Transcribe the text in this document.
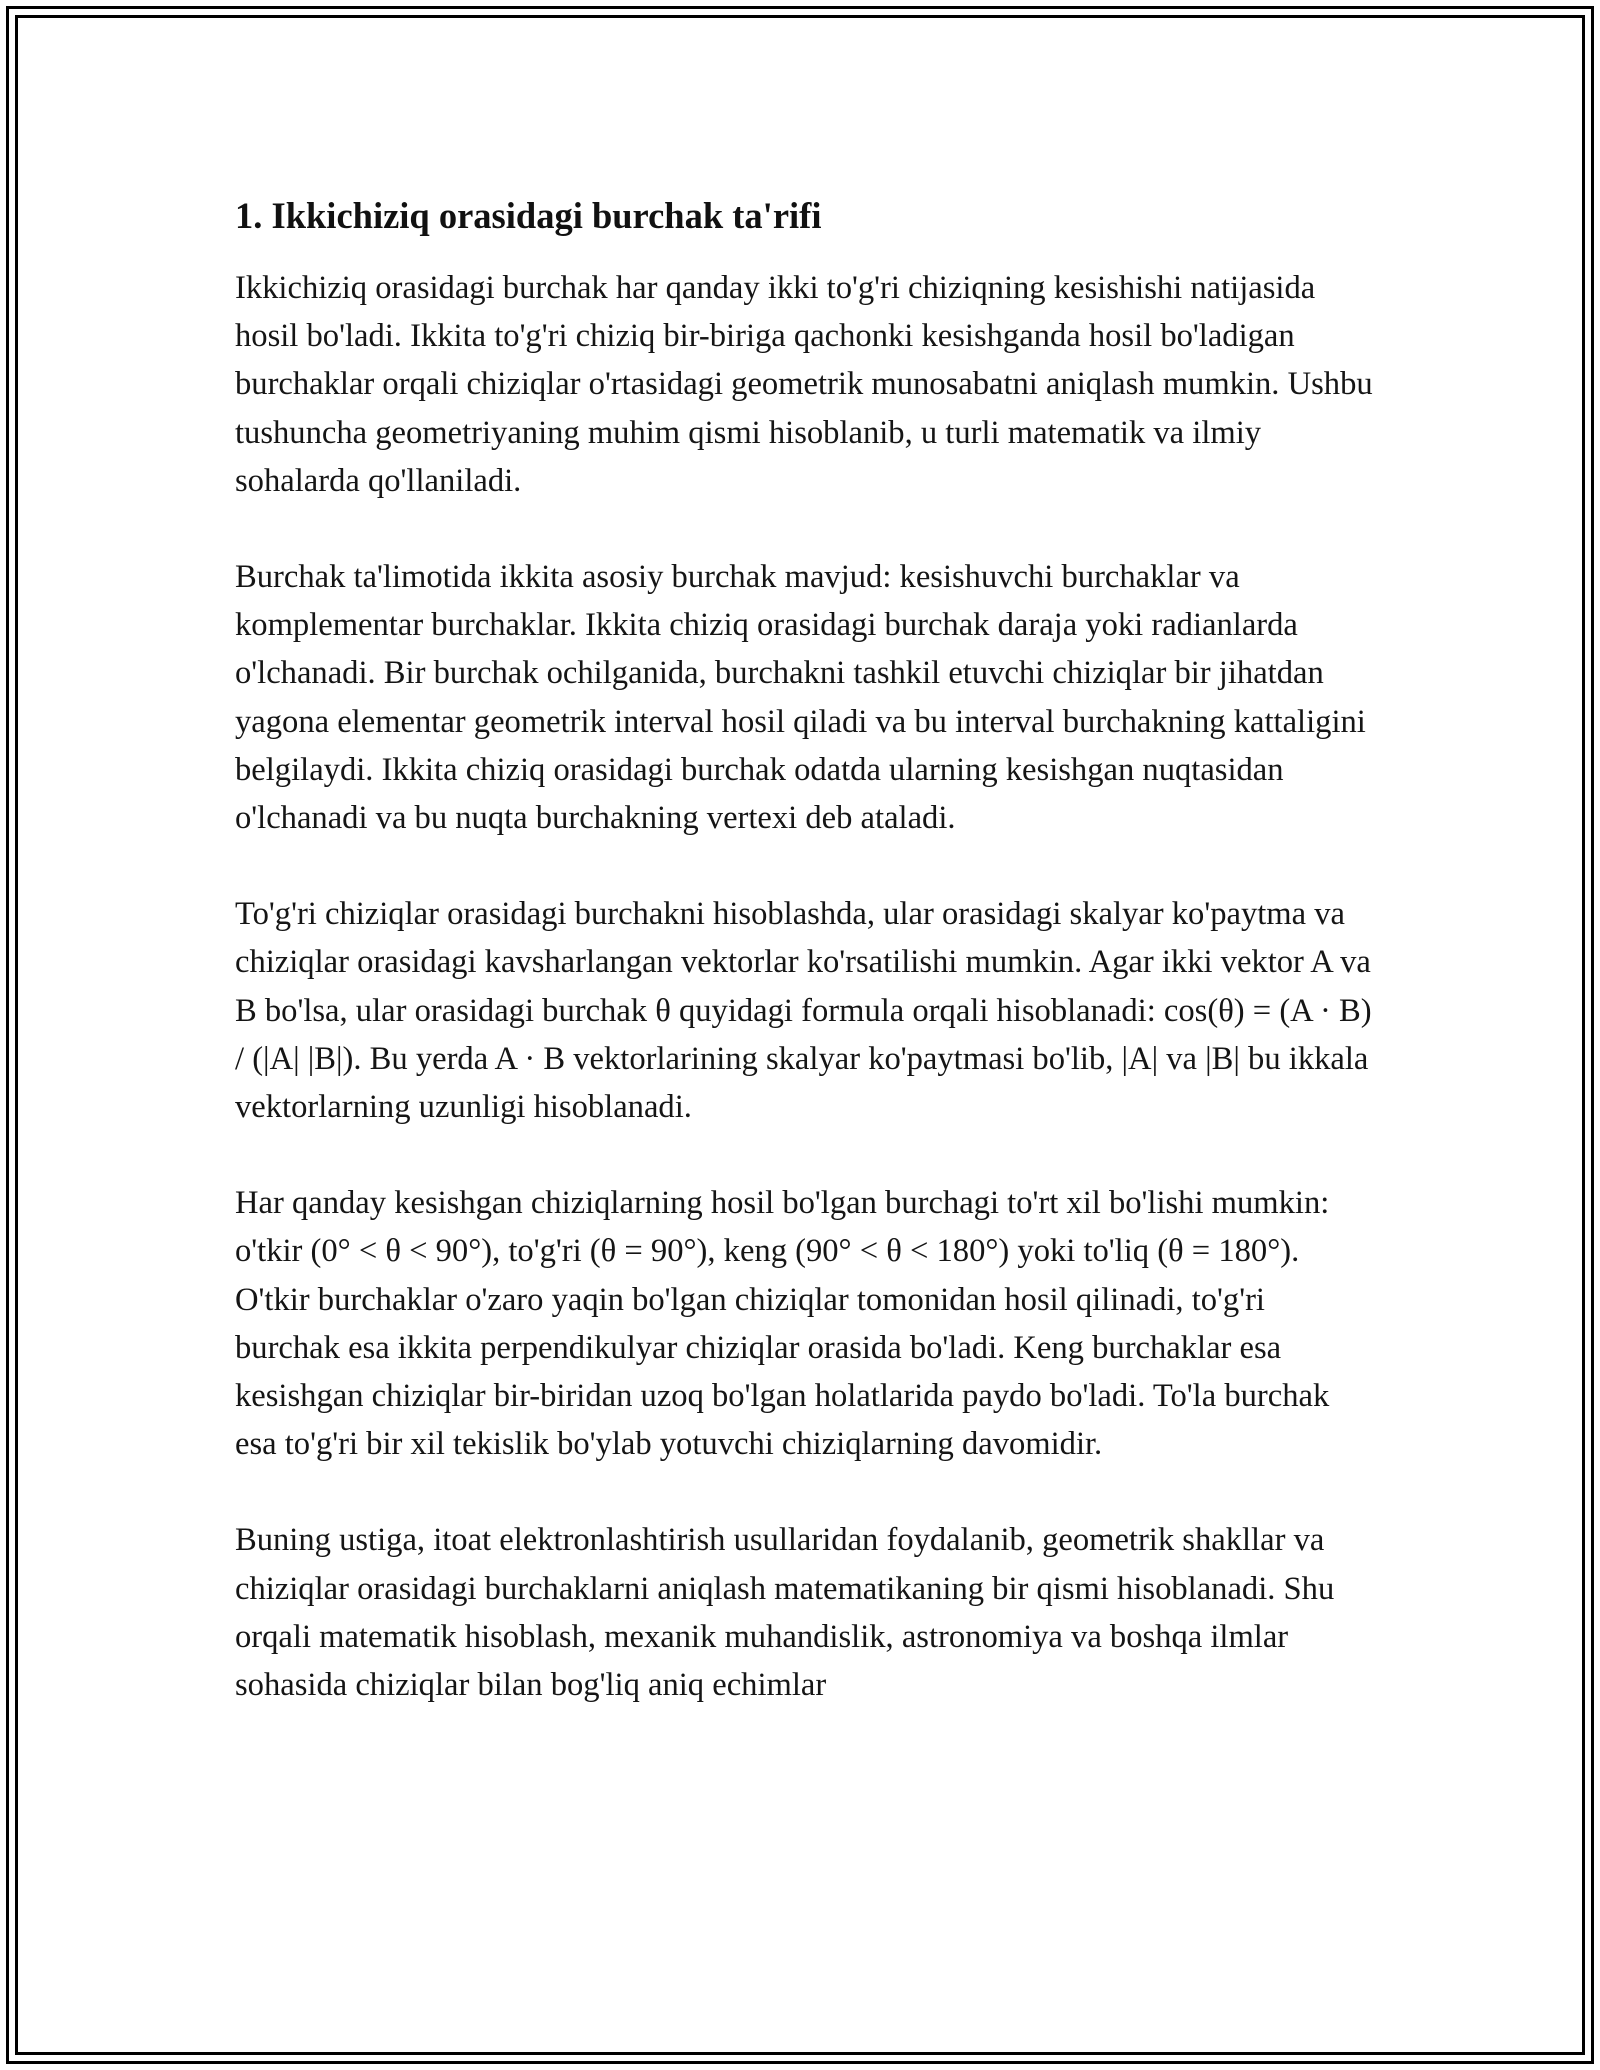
1. Ikkichiziq orasidagi burchak ta'rifi

Ikkichiziq orasidagi burchak har qanday ikki to'g'ri chiziqning kesishishi natijasida hosil bo'ladi. Ikkita to'g'ri chiziq bir-biriga qachonki kesishganda hosil bo'ladigan burchaklar orqali chiziqlar o'rtasidagi geometrik munosabatni aniqlash mumkin. Ushbu tushuncha geometriyaning muhim qismi hisoblanib, u turli matematik va ilmiy sohalarda qo'llaniladi.

Burchak ta'limotida ikkita asosiy burchak mavjud: kesishuvchi burchaklar va komplementar burchaklar. Ikkita chiziq orasidagi burchak daraja yoki radianlarda o'lchanadi. Bir burchak ochilganida, burchakni tashkil etuvchi chiziqlar bir jihatdan yagona elementar geometrik interval hosil qiladi va bu interval burchakning kattaligini belgilaydi. Ikkita chiziq orasidagi burchak odatda ularning kesishgan nuqtasidan o'lchanadi va bu nuqta burchakning vertexi deb ataladi.

To'g'ri chiziqlar orasidagi burchakni hisoblashda, ular orasidagi skalyar ko'paytma va chiziqlar orasidagi kavsharlangan vektorlar ko'rsatilishi mumkin. Agar ikki vektor A va B bo'lsa, ular orasidagi burchak θ quyidagi formula orqali hisoblanadi: cos(θ) = (A · B) / (|A| |B|). Bu yerda A · B vektorlarining skalyar ko'paytmasi bo'lib, |A| va |B| bu ikkala vektorlarning uzunligi hisoblanadi.

Har qanday kesishgan chiziqlarning hosil bo'lgan burchagi to'rt xil bo'lishi mumkin: o'tkir (0° < θ < 90°), to'g'ri (θ = 90°), keng (90° < θ < 180°) yoki to'liq (θ = 180°). O'tkir burchaklar o'zaro yaqin bo'lgan chiziqlar tomonidan hosil qilinadi, to'g'ri burchak esa ikkita perpendikulyar chiziqlar orasida bo'ladi. Keng burchaklar esa kesishgan chiziqlar bir-biridan uzoq bo'lgan holatlarida paydo bo'ladi. To'la burchak esa to'g'ri bir xil tekislik bo'ylab yotuvchi chiziqlarning davomidir.

Buning ustiga, itoat elektronlashtirish usullaridan foydalanib, geometrik shakllar va chiziqlar orasidagi burchaklarni aniqlash matematikaning bir qismi hisoblanadi. Shu orqali matematik hisoblash, mexanik muhandislik, astronomiya va boshqa ilmlar sohasida chiziqlar bilan bog'liq aniq echimlar
